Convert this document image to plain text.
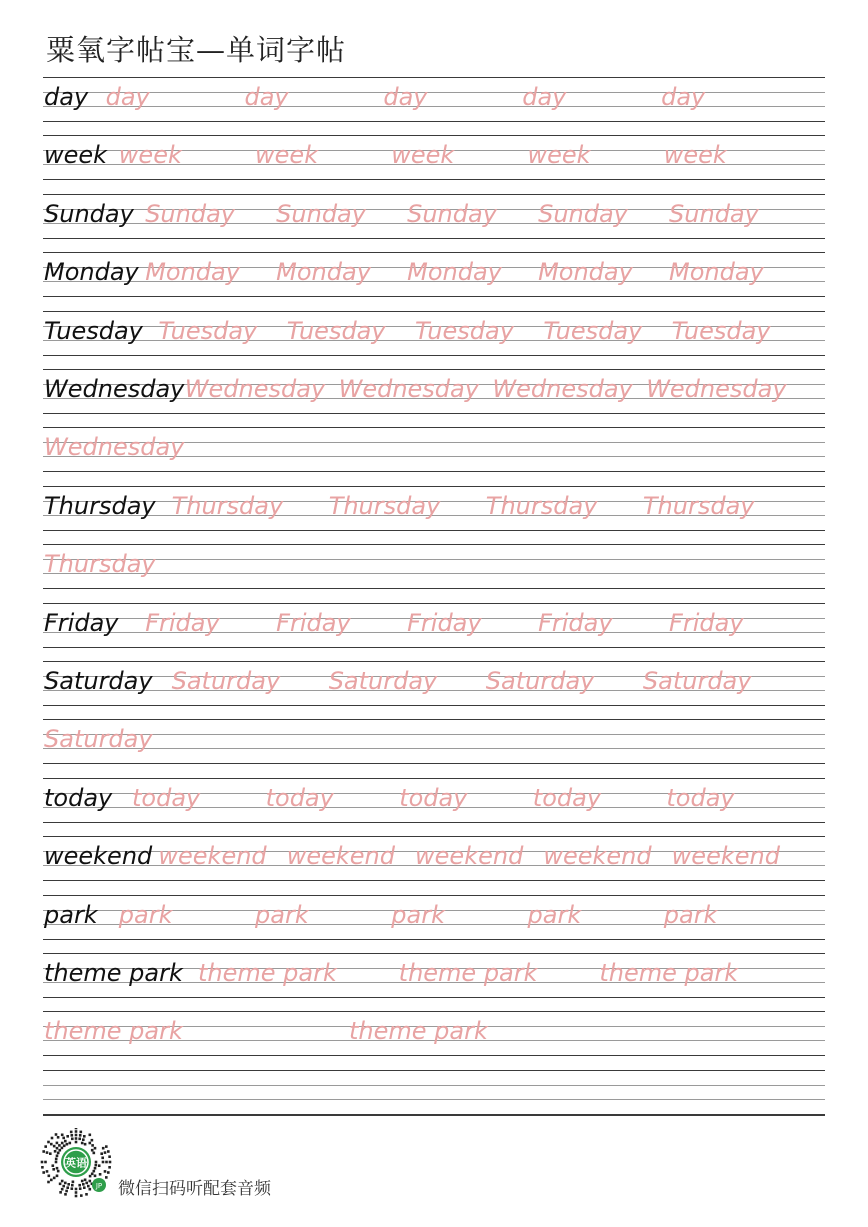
粟氧字帖宝—单词字帖
day day	day	day	day	day
week week	week	week	week	week
Sunday Sunday Sunday Sunday Sunday Sunday
Monday Monday Monday Monday Monday Monday
Tuesday Tuesday Tuesday Tuesday Tuesday Tuesday
Wednesday Wednesday Wednesday Wednesday Wednesday
Wednesday
Thursday Thursday Thursday Thursday Thursday
Thursday
Friday Friday Friday Friday Friday Friday
Saturday Saturday Saturday Saturday Saturday
Saturday
today today	today	today	today	today
weekend weekend weekend weekend weekend weekend
park park	park	park	park	park
theme park theme park	theme park	theme park
theme park	theme park
英语
JP 微信扫码听配套音频
